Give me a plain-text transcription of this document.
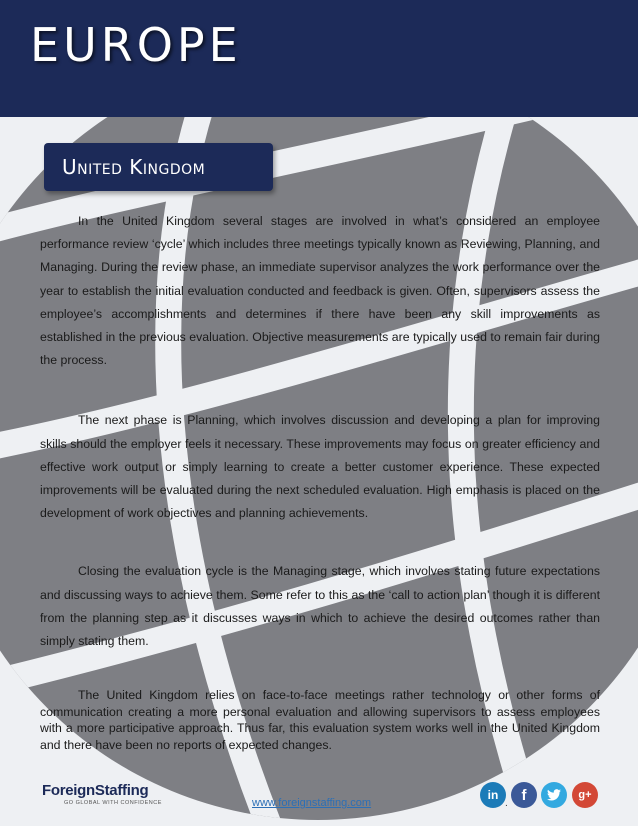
EUROPE
United Kingdom

In the United Kingdom several stages are involved in what’s considered an employee performance review ‘cycle’ which includes three meetings typically known as Reviewing, Planning, and Managing. During the review phase, an immediate supervisor analyzes the work performance over the year to establish the initial evaluation conducted and feedback is given. Often, supervisors assess the employee’s accomplishments and determines if there have been any skill improvements as established in the previous evaluation. Objective measurements are typically used to remain fair during the process.

The next phase is Planning, which involves discussion and developing a plan for improving skills should the employer feels it necessary. These improvements may focus on greater efficiency and effective work output or simply learning to create a better customer experience. These expected improvements will be evaluated during the next scheduled evaluation. High emphasis is placed on the development of work objectives and planning achievements.

Closing the evaluation cycle is the Managing stage, which involves stating future expectations and discussing ways to achieve them. Some refer to this as the ‘call to action plan’ though it is different from the planning step as it discusses ways in which to achieve the desired outcomes rather than simply stating them.

The United Kingdom relies on face-to-face meetings rather technology or other forms of communication creating a more personal evaluation and allowing supervisors to assess employees with a more participative approach. Thus far, this evaluation system works well in the United Kingdom and there have been no reports of expected changes.

ForeignStaffing
GO GLOBAL WITH CONFIDENCE	www.foreignstaffing.com	.
in	f	g+
